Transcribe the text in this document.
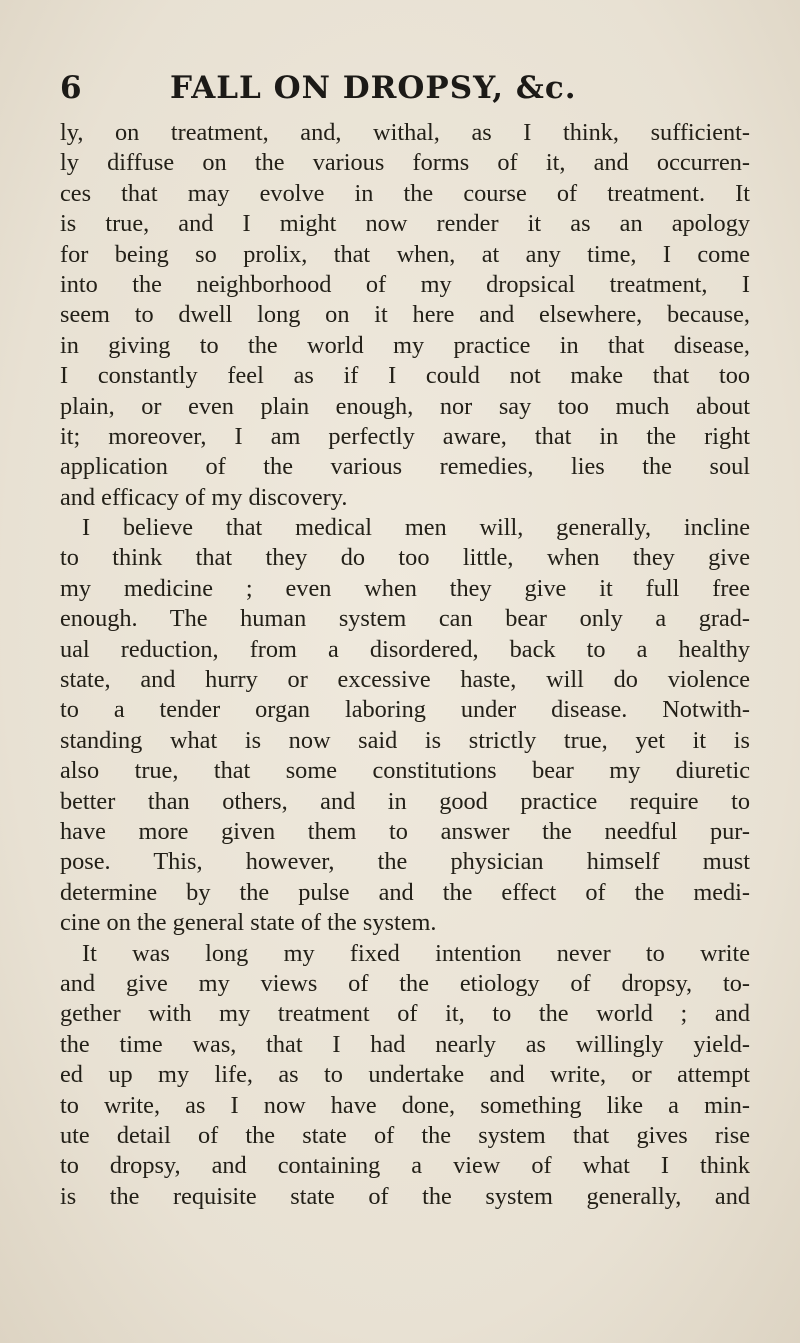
6	FALL ON DROPSY, &c.
ly, on treatment, and, withal, as I think, sufficient-
ly diffuse on the various forms of it, and occurren-
ces that may evolve in the course of treatment. It
is true, and I might now render it as an apology
for being so prolix, that when, at any time, I come
into the neighborhood of my dropsical treatment, I
seem to dwell long on it here and elsewhere, because,
in giving to the world my practice in that disease,
I constantly feel as if I could not make that too
plain, or even plain enough, nor say too much about
it; moreover, I am perfectly aware, that in the right
application of the various remedies, lies the soul
and efficacy of my discovery.
I believe that medical men will, generally, incline
to think that they do too little, when they give
my medicine ; even when they give it full free
enough. The human system can bear only a grad-
ual reduction, from a disordered, back to a healthy
state, and hurry or excessive haste, will do violence
to a tender organ laboring under disease. Notwith-
standing what is now said is strictly true, yet it is
also true, that some constitutions bear my diuretic
better than others, and in good practice require to
have more given them to answer the needful pur-
pose. This, however, the physician himself must
determine by the pulse and the effect of the medi-
cine on the general state of the system.
It was long my fixed intention never to write
and give my views of the etiology of dropsy, to-
gether with my treatment of it, to the world ; and
the time was, that I had nearly as willingly yield-
ed up my life, as to undertake and write, or attempt
to write, as I now have done, something like a min-
ute detail of the state of the system that gives rise
to dropsy, and containing a view of what I think
is the requisite state of the system generally, and
